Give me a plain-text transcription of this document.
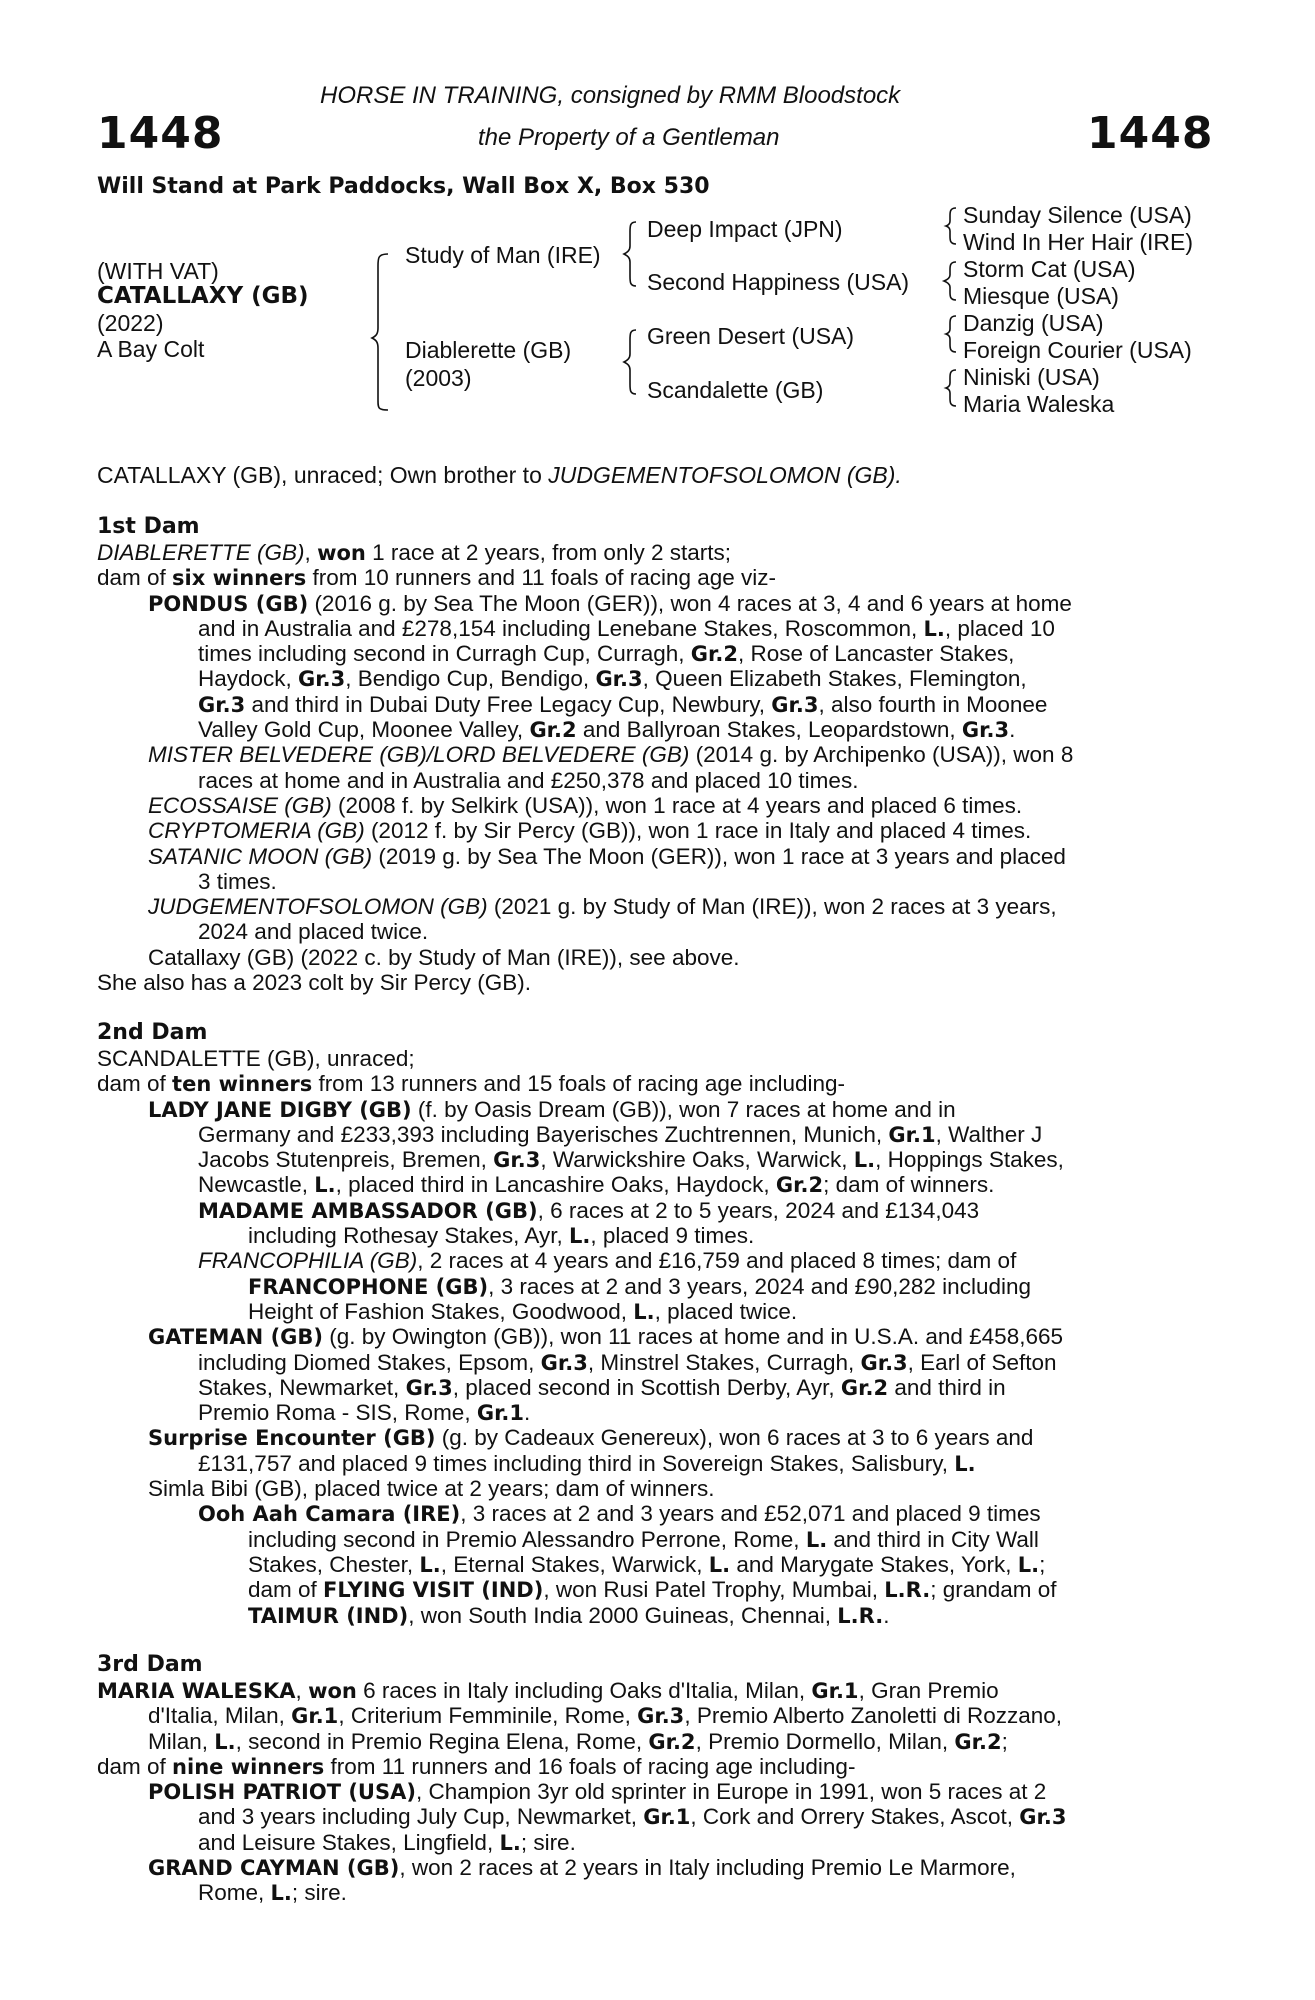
1448	1448
HORSE IN TRAINING, consigned by RMM Bloodstock
the Property of a Gentleman
Will Stand at Park Paddocks, Wall Box X, Box 530
(WITH VAT)
CATALLAXY (GB)
(2022)
A Bay Colt
Study of Man (IRE)
Diablerette (GB)
(2003)
Deep Impact (JPN)
Second Happiness (USA)
Green Desert (USA)
Scandalette (GB)
Sunday Silence (USA)
Wind In Her Hair (IRE)
Storm Cat (USA)
Miesque (USA)
Danzig (USA)
Foreign Courier (USA)
Niniski (USA)
Maria Waleska
CATALLAXY (GB), unraced; Own brother to JUDGEMENTOFSOLOMON (GB).
1st Dam
DIABLERETTE (GB), won 1 race at 2 years, from only 2 starts;
dam of six winners from 10 runners and 11 foals of racing age viz-
PONDUS (GB) (2016 g. by Sea The Moon (GER)), won 4 races at 3, 4 and 6 years at home
and in Australia and £278,154 including Lenebane Stakes, Roscommon, L., placed 10
times including second in Curragh Cup, Curragh, Gr.2, Rose of Lancaster Stakes,
Haydock, Gr.3, Bendigo Cup, Bendigo, Gr.3, Queen Elizabeth Stakes, Flemington,
Gr.3 and third in Dubai Duty Free Legacy Cup, Newbury, Gr.3, also fourth in Moonee
Valley Gold Cup, Moonee Valley, Gr.2 and Ballyroan Stakes, Leopardstown, Gr.3.
MISTER BELVEDERE (GB)/LORD BELVEDERE (GB) (2014 g. by Archipenko (USA)), won 8
races at home and in Australia and £250,378 and placed 10 times.
ECOSSAISE (GB) (2008 f. by Selkirk (USA)), won 1 race at 4 years and placed 6 times.
CRYPTOMERIA (GB) (2012 f. by Sir Percy (GB)), won 1 race in Italy and placed 4 times.
SATANIC MOON (GB) (2019 g. by Sea The Moon (GER)), won 1 race at 3 years and placed
3 times.
JUDGEMENTOFSOLOMON (GB) (2021 g. by Study of Man (IRE)), won 2 races at 3 years,
2024 and placed twice.
Catallaxy (GB) (2022 c. by Study of Man (IRE)), see above.
She also has a 2023 colt by Sir Percy (GB).
2nd Dam
SCANDALETTE (GB), unraced;
dam of ten winners from 13 runners and 15 foals of racing age including-
LADY JANE DIGBY (GB) (f. by Oasis Dream (GB)), won 7 races at home and in
Germany and £233,393 including Bayerisches Zuchtrennen, Munich, Gr.1, Walther J
Jacobs Stutenpreis, Bremen, Gr.3, Warwickshire Oaks, Warwick, L., Hoppings Stakes,
Newcastle, L., placed third in Lancashire Oaks, Haydock, Gr.2; dam of winners.
MADAME AMBASSADOR (GB), 6 races at 2 to 5 years, 2024 and £134,043
including Rothesay Stakes, Ayr, L., placed 9 times.
FRANCOPHILIA (GB), 2 races at 4 years and £16,759 and placed 8 times; dam of
FRANCOPHONE (GB), 3 races at 2 and 3 years, 2024 and £90,282 including
Height of Fashion Stakes, Goodwood, L., placed twice.
GATEMAN (GB) (g. by Owington (GB)), won 11 races at home and in U.S.A. and £458,665
including Diomed Stakes, Epsom, Gr.3, Minstrel Stakes, Curragh, Gr.3, Earl of Sefton
Stakes, Newmarket, Gr.3, placed second in Scottish Derby, Ayr, Gr.2 and third in
Premio Roma - SIS, Rome, Gr.1.
Surprise Encounter (GB) (g. by Cadeaux Genereux), won 6 races at 3 to 6 years and
£131,757 and placed 9 times including third in Sovereign Stakes, Salisbury, L.
Simla Bibi (GB), placed twice at 2 years; dam of winners.
Ooh Aah Camara (IRE), 3 races at 2 and 3 years and £52,071 and placed 9 times
including second in Premio Alessandro Perrone, Rome, L. and third in City Wall
Stakes, Chester, L., Eternal Stakes, Warwick, L. and Marygate Stakes, York, L.;
dam of FLYING VISIT (IND), won Rusi Patel Trophy, Mumbai, L.R.; grandam of
TAIMUR (IND), won South India 2000 Guineas, Chennai, L.R..
3rd Dam
MARIA WALESKA, won 6 races in Italy including Oaks d'Italia, Milan, Gr.1, Gran Premio
d'Italia, Milan, Gr.1, Criterium Femminile, Rome, Gr.3, Premio Alberto Zanoletti di Rozzano,
Milan, L., second in Premio Regina Elena, Rome, Gr.2, Premio Dormello, Milan, Gr.2;
dam of nine winners from 11 runners and 16 foals of racing age including-
POLISH PATRIOT (USA), Champion 3yr old sprinter in Europe in 1991, won 5 races at 2
and 3 years including July Cup, Newmarket, Gr.1, Cork and Orrery Stakes, Ascot, Gr.3
and Leisure Stakes, Lingfield, L.; sire.
GRAND CAYMAN (GB), won 2 races at 2 years in Italy including Premio Le Marmore,
Rome, L.; sire.
